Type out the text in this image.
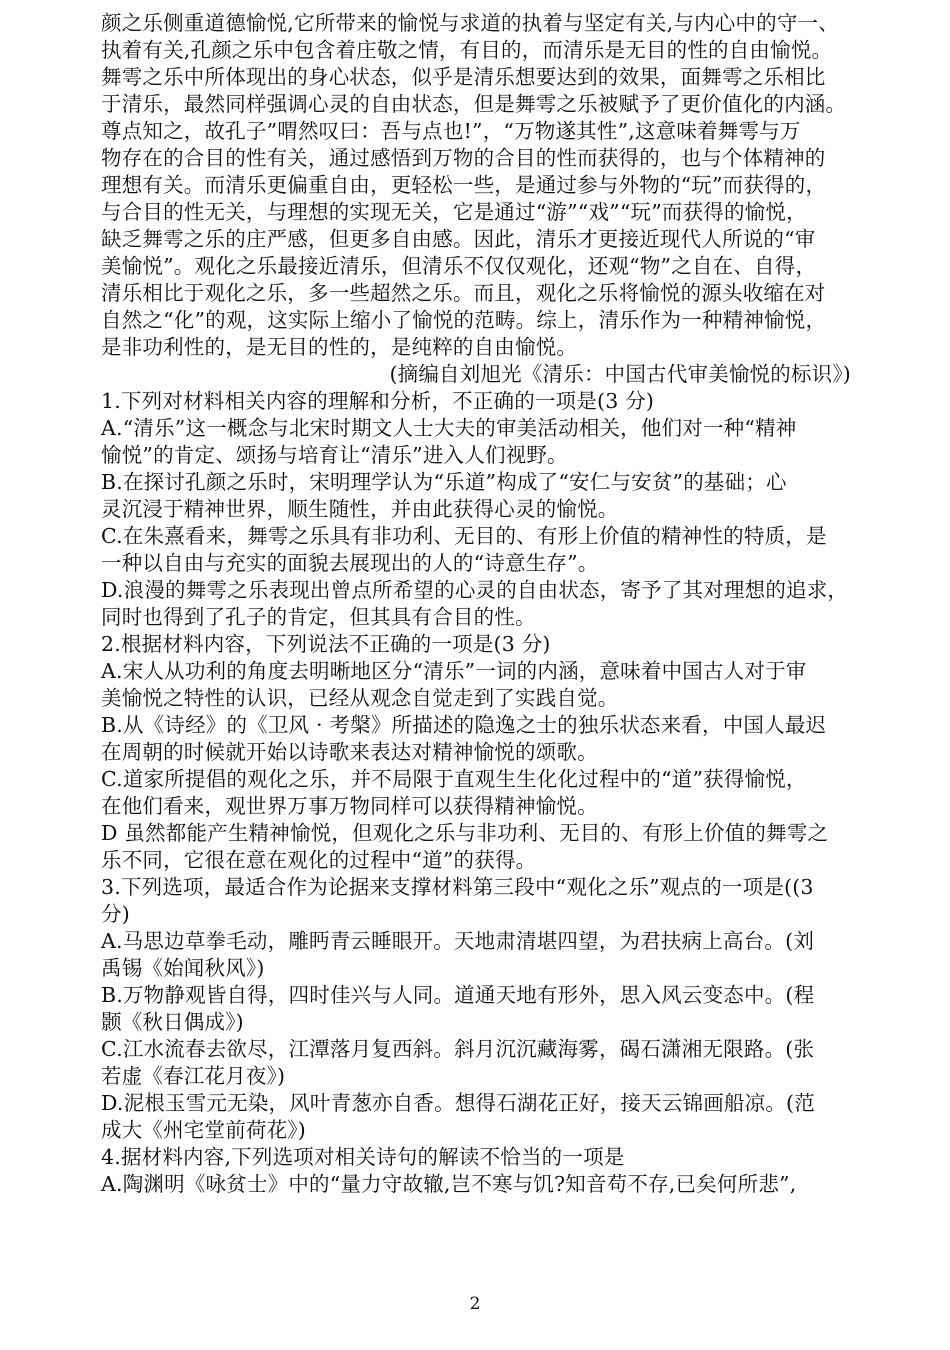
颜之乐侧重道德愉悦,它所带来的愉悦与求道的执着与坚定有关,与内心中的守一、
执着有关,孔颜之乐中包含着庄敬之情，有目的，而清乐是无目的性的自由愉悦。
舞雩之乐中所体现出的身心状态，似乎是清乐想要达到的效果，面舞雩之乐相比
于清乐，最然同样强调心灵的自由状态，但是舞雩之乐被赋予了更价值化的内涵。
尊点知之，故孔子”喟然叹曰：吾与点也!”，“万物遂其性”,这意味着舞雩与万
物存在的合目的性有关，通过感悟到万物的合目的性而获得的，也与个体精神的
理想有关。而清乐更偏重自由，更轻松一些，是通过参与外物的“玩”而获得的，
与合目的性无关，与理想的实现无关，它是通过“游”“戏”“玩”而获得的愉悦，
缺乏舞雩之乐的庄严感，但更多自由感。因此，清乐才更接近现代人所说的“审
美愉悦”。观化之乐最接近清乐，但清乐不仅仅观化，还观“物”之自在、自得，
清乐相比于观化之乐，多一些超然之乐。而且，观化之乐将愉悦的源头收缩在对
自然之“化”的观，这实际上缩小了愉悦的范畴。综上，清乐作为一种精神愉悦，
是非功利性的，是无目的性的，是纯粹的自由愉悦。
(摘编自刘旭光《清乐：中国古代审美愉悦的标识》)
1.下列对材料相关内容的理解和分析，不正确的一项是(3 分)
A.“清乐”这一概念与北宋时期文人士大夫的审美活动相关，他们对一种“精神
愉悦”的肯定、颂扬与培育让“清乐”进入人们视野。
B.在探讨孔颜之乐时，宋明理学认为“乐道”构成了“安仁与安贫”的基础；心
灵沉浸于精神世界，顺生随性，并由此获得心灵的愉悦。
C.在朱熹看来，舞雩之乐具有非功利、无目的、有形上价值的精神性的特质，是
一种以自由与充实的面貌去展现出的人的“诗意生存”。
D.浪漫的舞雩之乐表现出曾点所希望的心灵的自由状态，寄予了其对理想的追求，
同时也得到了孔子的肯定，但其具有合目的性。
2.根据材料内容，下列说法不正确的一项是(3 分)
A.宋人从功利的角度去明晰地区分“清乐”一词的内涵，意味着中国古人对于审
美愉悦之特性的认识，已经从观念自觉走到了实践自觉。
B.从《诗经》的《卫风 · 考槃》所描述的隐逸之士的独乐状态来看，中国人最迟
在周朝的时候就开始以诗歌来表达对精神愉悦的颂歌。
C.道家所提倡的观化之乐，并不局限于直观生生化化过程中的“道”获得愉悦，
在他们看来，观世界万事万物同样可以获得精神愉悦。
D 虽然都能产生精神愉悦，但观化之乐与非功利、无目的、有形上价值的舞雩之
乐不同，它很在意在观化的过程中“道”的获得。
3.下列选项，最适合作为论据来支撑材料第三段中“观化之乐”观点的一项是((3
分)
A.马思边草拳毛动，雕眄青云睡眼开。天地肃清堪四望，为君扶病上高台。(刘
禹锡《始闻秋风》)
B.万物静观皆自得，四时佳兴与人同。道通天地有形外，思入风云变态中。(程
颢《秋日偶成》)
C.江水流春去欲尽，江潭落月复西斜。斜月沉沉藏海雾，碣石潇湘无限路。(张
若虚《春江花月夜》)
D.泥根玉雪元无染，风叶青葱亦自香。想得石湖花正好，接天云锦画船凉。(范
成大《州宅堂前荷花》)
4.据材料内容,下列选项对相关诗句的解读不恰当的一项是
A.陶渊明《咏贫士》中的“量力守故辙,岂不寒与饥?知音苟不存,已矣何所悲”,
2
